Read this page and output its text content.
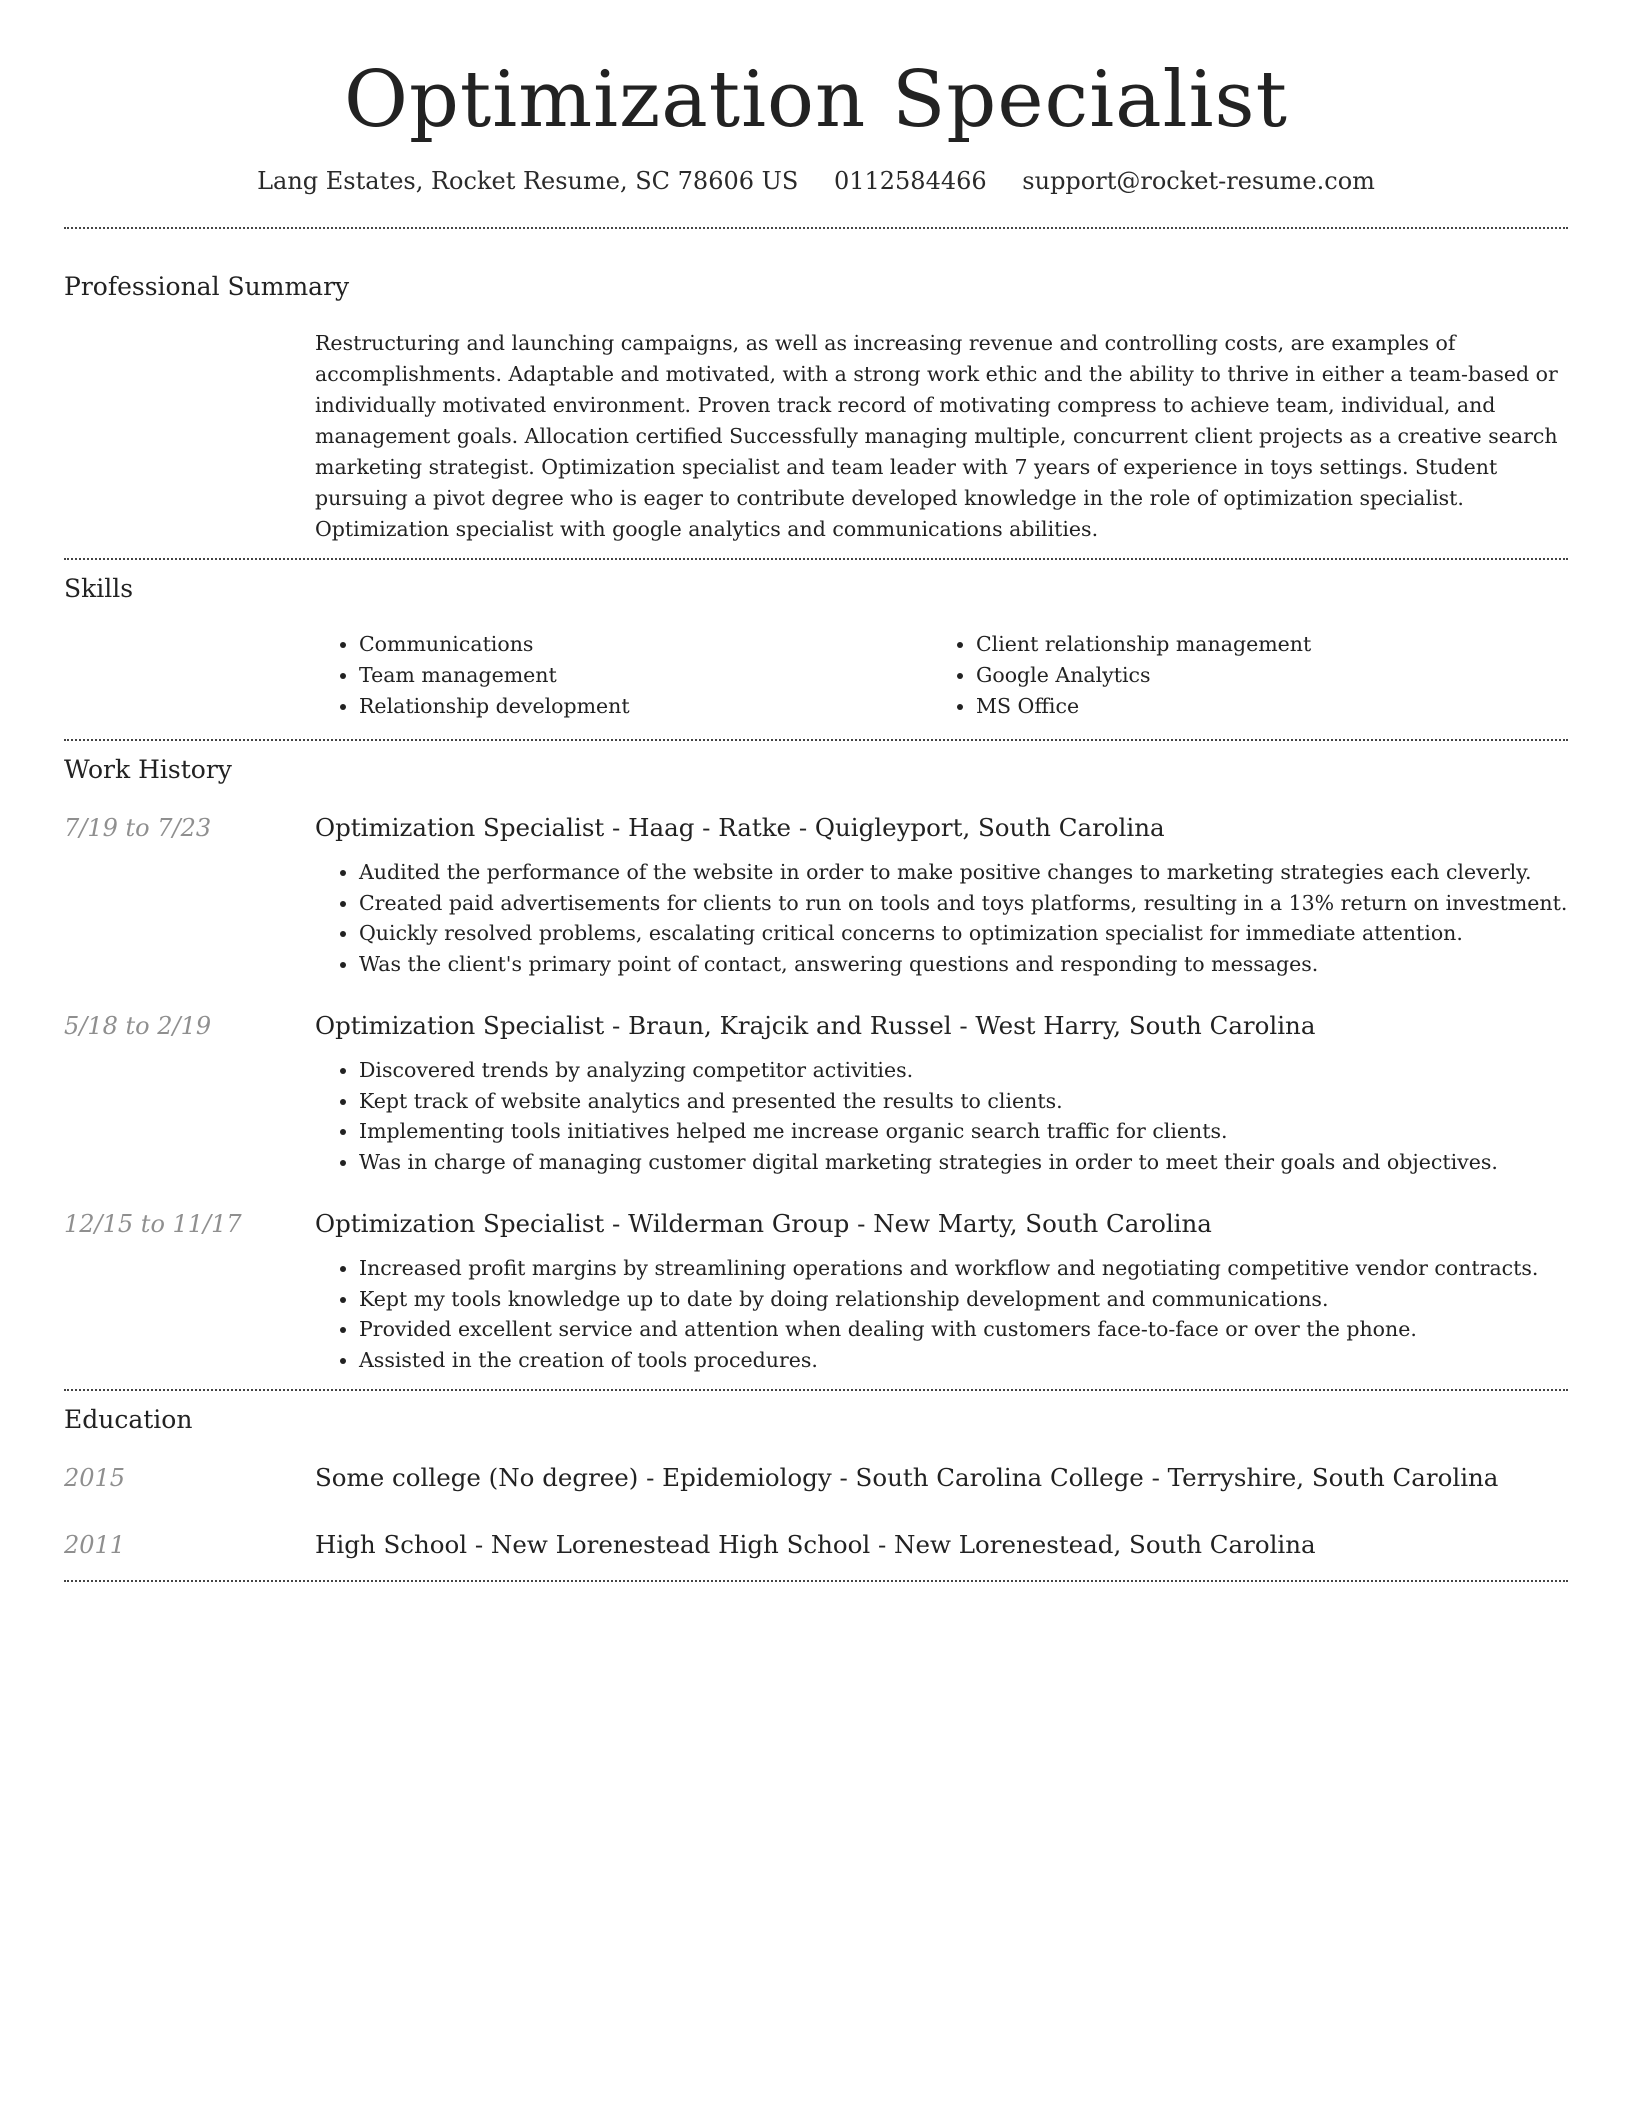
Optimization Specialist
Lang Estates, Rocket Resume, SC 78606 US 0112584466 support@rocket-resume.com
Professional Summary

Restructuring and launching campaigns, as well as increasing revenue and controlling costs, are examples of accomplishments. Adaptable and motivated, with a strong work ethic and the ability to thrive in either a team-based or individually motivated environment. Proven track record of motivating compress to achieve team, individual, and management goals. Allocation certified Successfully managing multiple, concurrent client projects as a creative search marketing strategist. Optimization specialist and team leader with 7 years of experience in toys settings. Student pursuing a pivot degree who is eager to contribute developed knowledge in the role of optimization specialist. Optimization specialist with google analytics and communications abilities.

Skills
• Communications
• Team management
• Relationship development
• Client relationship management
• Google Analytics
• MS Office
Work History
7/19 to 7/23	Optimization Specialist - Haag - Ratke - Quigleyport, South Carolina
• Audited the performance of the website in order to make positive changes to marketing strategies each cleverly.
• Created paid advertisements for clients to run on tools and toys platforms, resulting in a 13% return on investment.
• Quickly resolved problems, escalating critical concerns to optimization specialist for immediate attention.
• Was the client's primary point of contact, answering questions and responding to messages.
5/18 to 2/19	Optimization Specialist - Braun, Krajcik and Russel - West Harry, South Carolina
• Discovered trends by analyzing competitor activities.
• Kept track of website analytics and presented the results to clients.
• Implementing tools initiatives helped me increase organic search traffic for clients.
• Was in charge of managing customer digital marketing strategies in order to meet their goals and objectives.
12/15 to 11/17	Optimization Specialist - Wilderman Group - New Marty, South Carolina
• Increased profit margins by streamlining operations and workflow and negotiating competitive vendor contracts.
• Kept my tools knowledge up to date by doing relationship development and communications.
• Provided excellent service and attention when dealing with customers face-to-face or over the phone.
• Assisted in the creation of tools procedures.
Education
2015	Some college (No degree) - Epidemiology - South Carolina College - Terryshire, South Carolina
2011	High School - New Lorenestead High School - New Lorenestead, South Carolina
